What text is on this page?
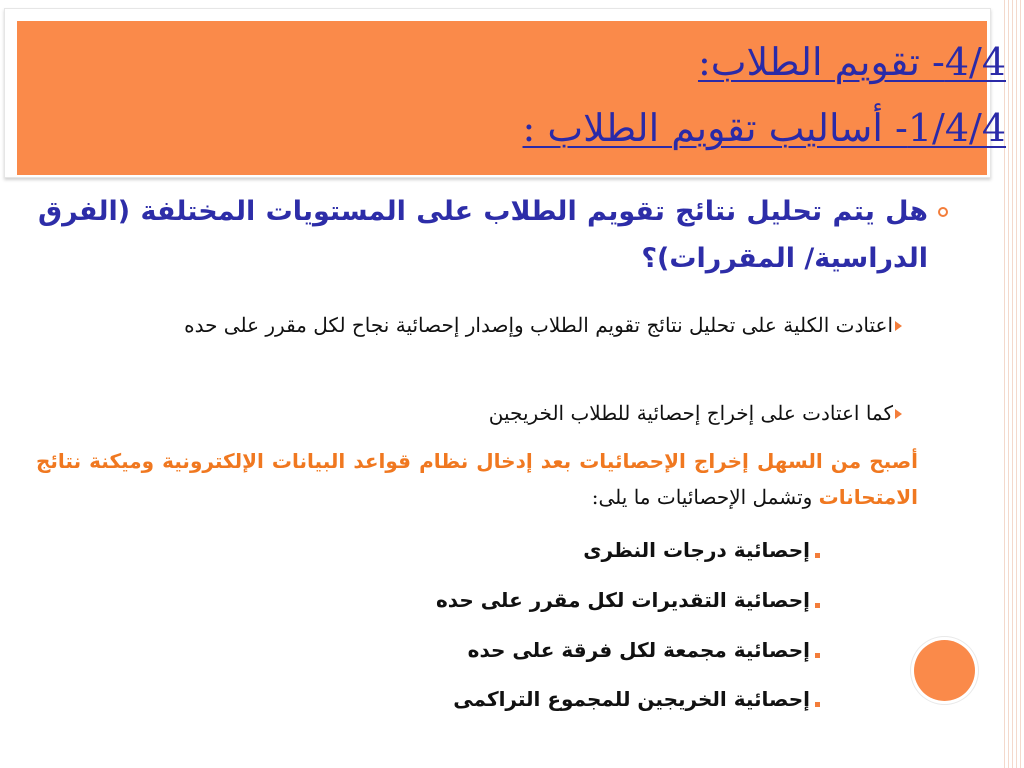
4/4- تقويم الطلاب:
1/4/4- أساليب تقويم الطلاب :

هل يتم تحليل نتائج تقويم الطلاب على المستويات المختلفة (الفرق الدراسية/ المقررات)؟

اعتادت الكلية على تحليل نتائج تقويم الطلاب وإصدار إحصائية نجاح لكل مقرر على حده

كما اعتادت على إخراج إحصائية للطلاب الخريجين

أصبح من السهل إخراج الإحصائيات بعد إدخال نظام قواعد البيانات الإلكترونية وميكنة نتائج الامتحانات وتشمل الإحصائيات ما يلى:

إحصائية درجات النظرى

إحصائية التقديرات لكل مقرر على حده

إحصائية مجمعة لكل فرقة على حده

إحصائية الخريجين للمجموع التراكمى
